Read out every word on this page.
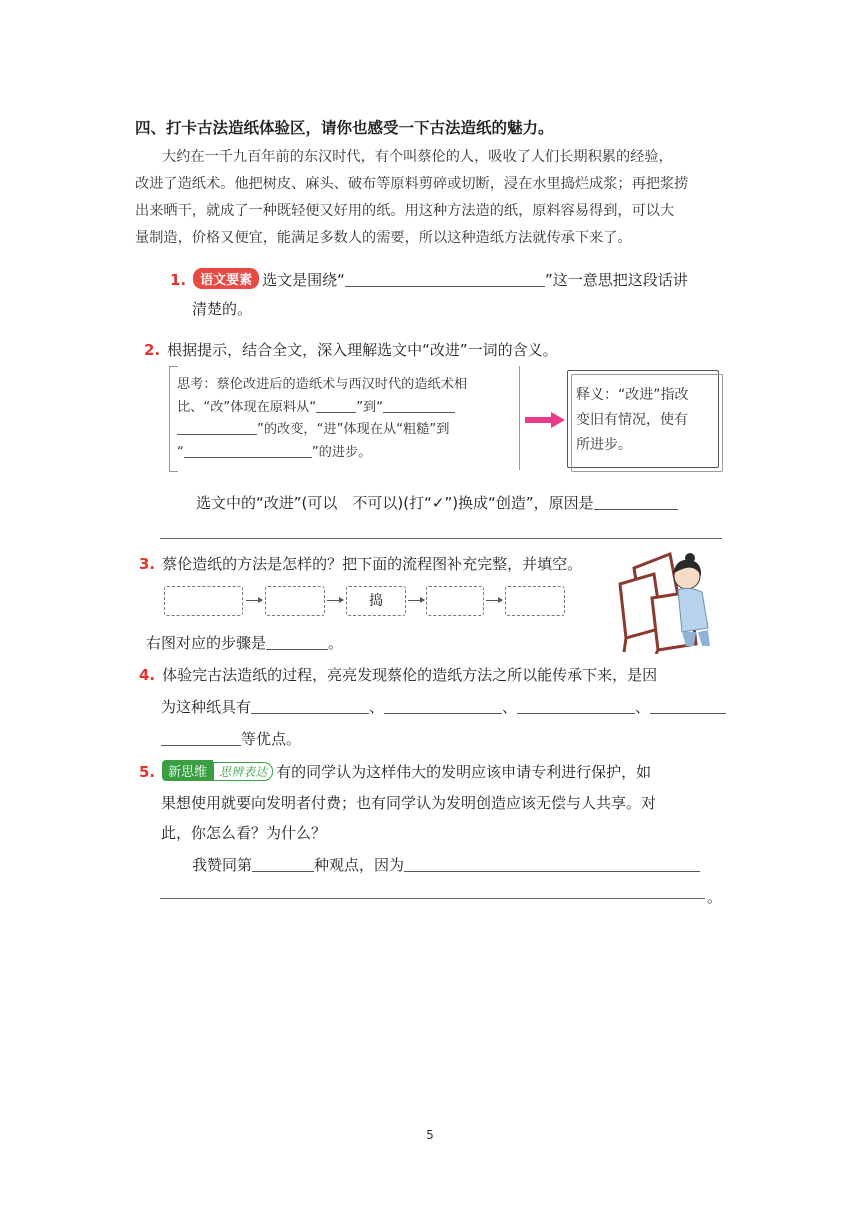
四、打卡古法造纸体验区，请你也感受一下古法造纸的魅力。

大约在一千九百年前的东汉时代，有个叫蔡伦的人，吸收了人们长期积累的经验，

改进了造纸术。他把树皮、麻头、破布等原料剪碎或切断，浸在水里捣烂成浆；再把浆捞

出来晒干，就成了一种既轻便又好用的纸。用这种方法造的纸，原料容易得到，可以大

量制造，价格又便宜，能满足多数人的需要，所以这种造纸方法就传承下来了。

1. 语文要素 选文是围绕“	”这一意思把这段话讲
清楚的。
2. 根据提示，结合全文，深入理解选文中“改进”一词的含义。
思考：蔡伦改进后的造纸术与西汉时代的造纸术相
比、“改”体现在原料从“	”到“
”的改变，“进”体现在从“粗糙”到
“	”的进步。
释义：“改进”指改
变旧有情况，使有
所进步。
选文中的“改进”(可以　不可以)(打“✓”)换成“创造”，原因是
3. 蔡伦造纸的方法是怎样的？把下面的流程图补充完整，并填空。
捣
右图对应的步骤是	。
4. 体验完古法造纸的过程，亮亮发现蔡伦的造纸方法之所以能传承下来，是因
为这种纸具有	、	、	、
等优点。
5. 新思维 思辨表达 有的同学认为这样伟大的发明应该申请专利进行保护，如
果想使用就要向发明者付费；也有同学认为发明创造应该无偿与人共享。对
此，你怎么看？为什么？
我赞同第	种观点，因为
。
5
